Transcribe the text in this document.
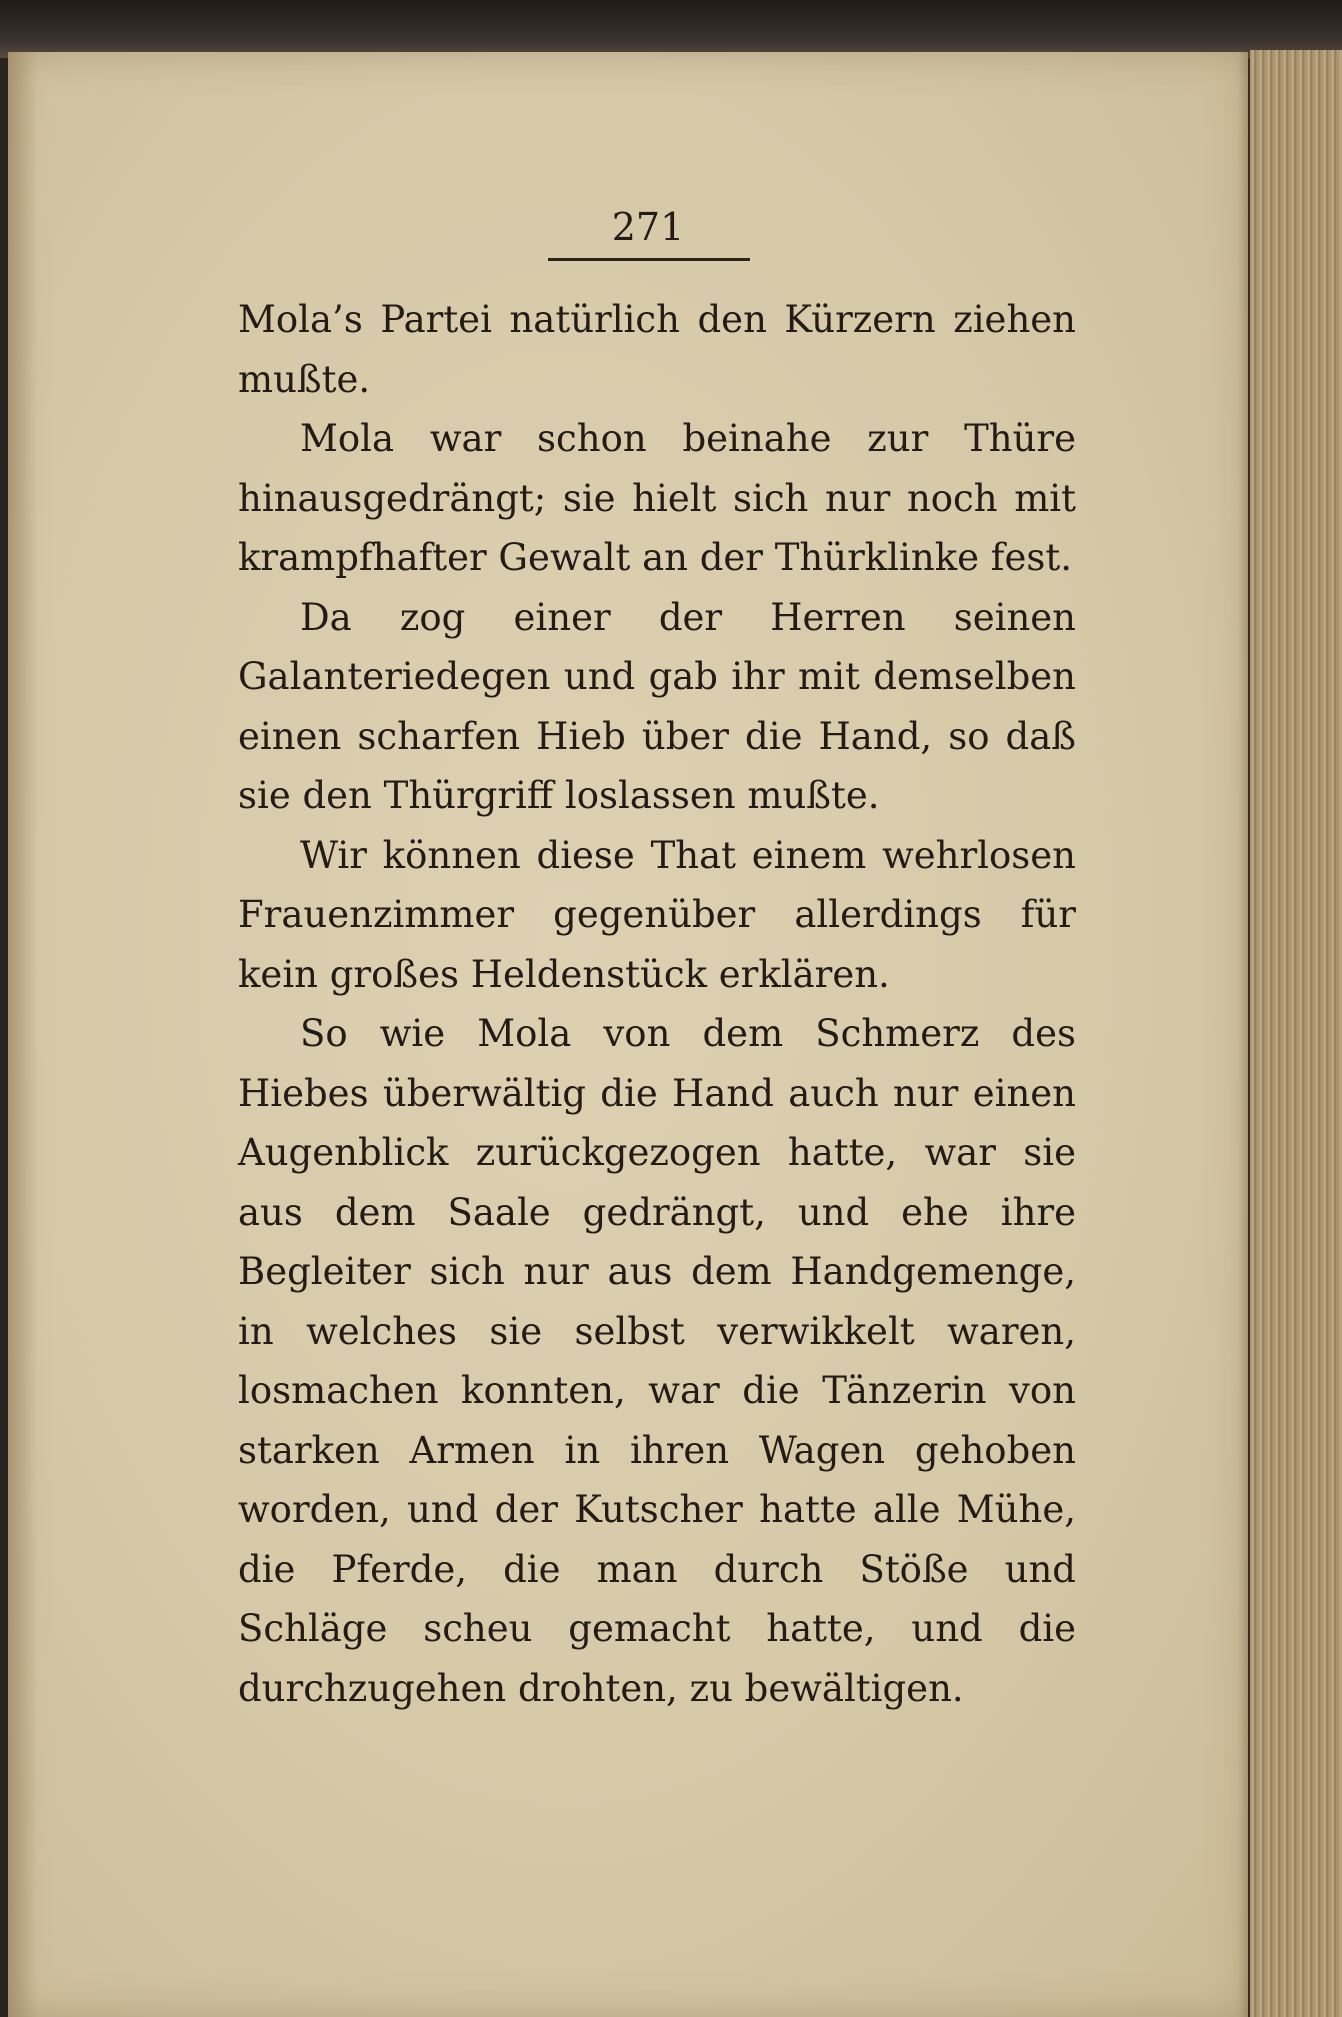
271

Mola’s Partei natürlich den Kürzern ziehen mußte.

Mola war schon beinahe zur Thüre hinausgedrängt; sie hielt sich nur noch mit krampfhafter Gewalt an der Thürklinke fest.

Da zog einer der Herren seinen Galanteriedegen und gab ihr mit demselben einen scharfen Hieb über die Hand, so daß sie den Thürgriff loslassen mußte.

Wir können diese That einem wehrlosen Frauenzimmer gegenüber allerdings für kein großes Heldenstück erklären.

So wie Mola von dem Schmerz des Hiebes überwältig die Hand auch nur einen Augenblick zurückgezogen hatte, war sie aus dem Saale gedrängt, und ehe ihre Begleiter sich nur aus dem Handgemenge, in welches sie selbst verwikkelt waren, losmachen konnten, war die Tänzerin von starken Armen in ihren Wagen gehoben worden, und der Kutscher hatte alle Mühe, die Pferde, die man durch Stöße und Schläge scheu gemacht hatte, und die durchzugehen drohten, zu bewältigen.
